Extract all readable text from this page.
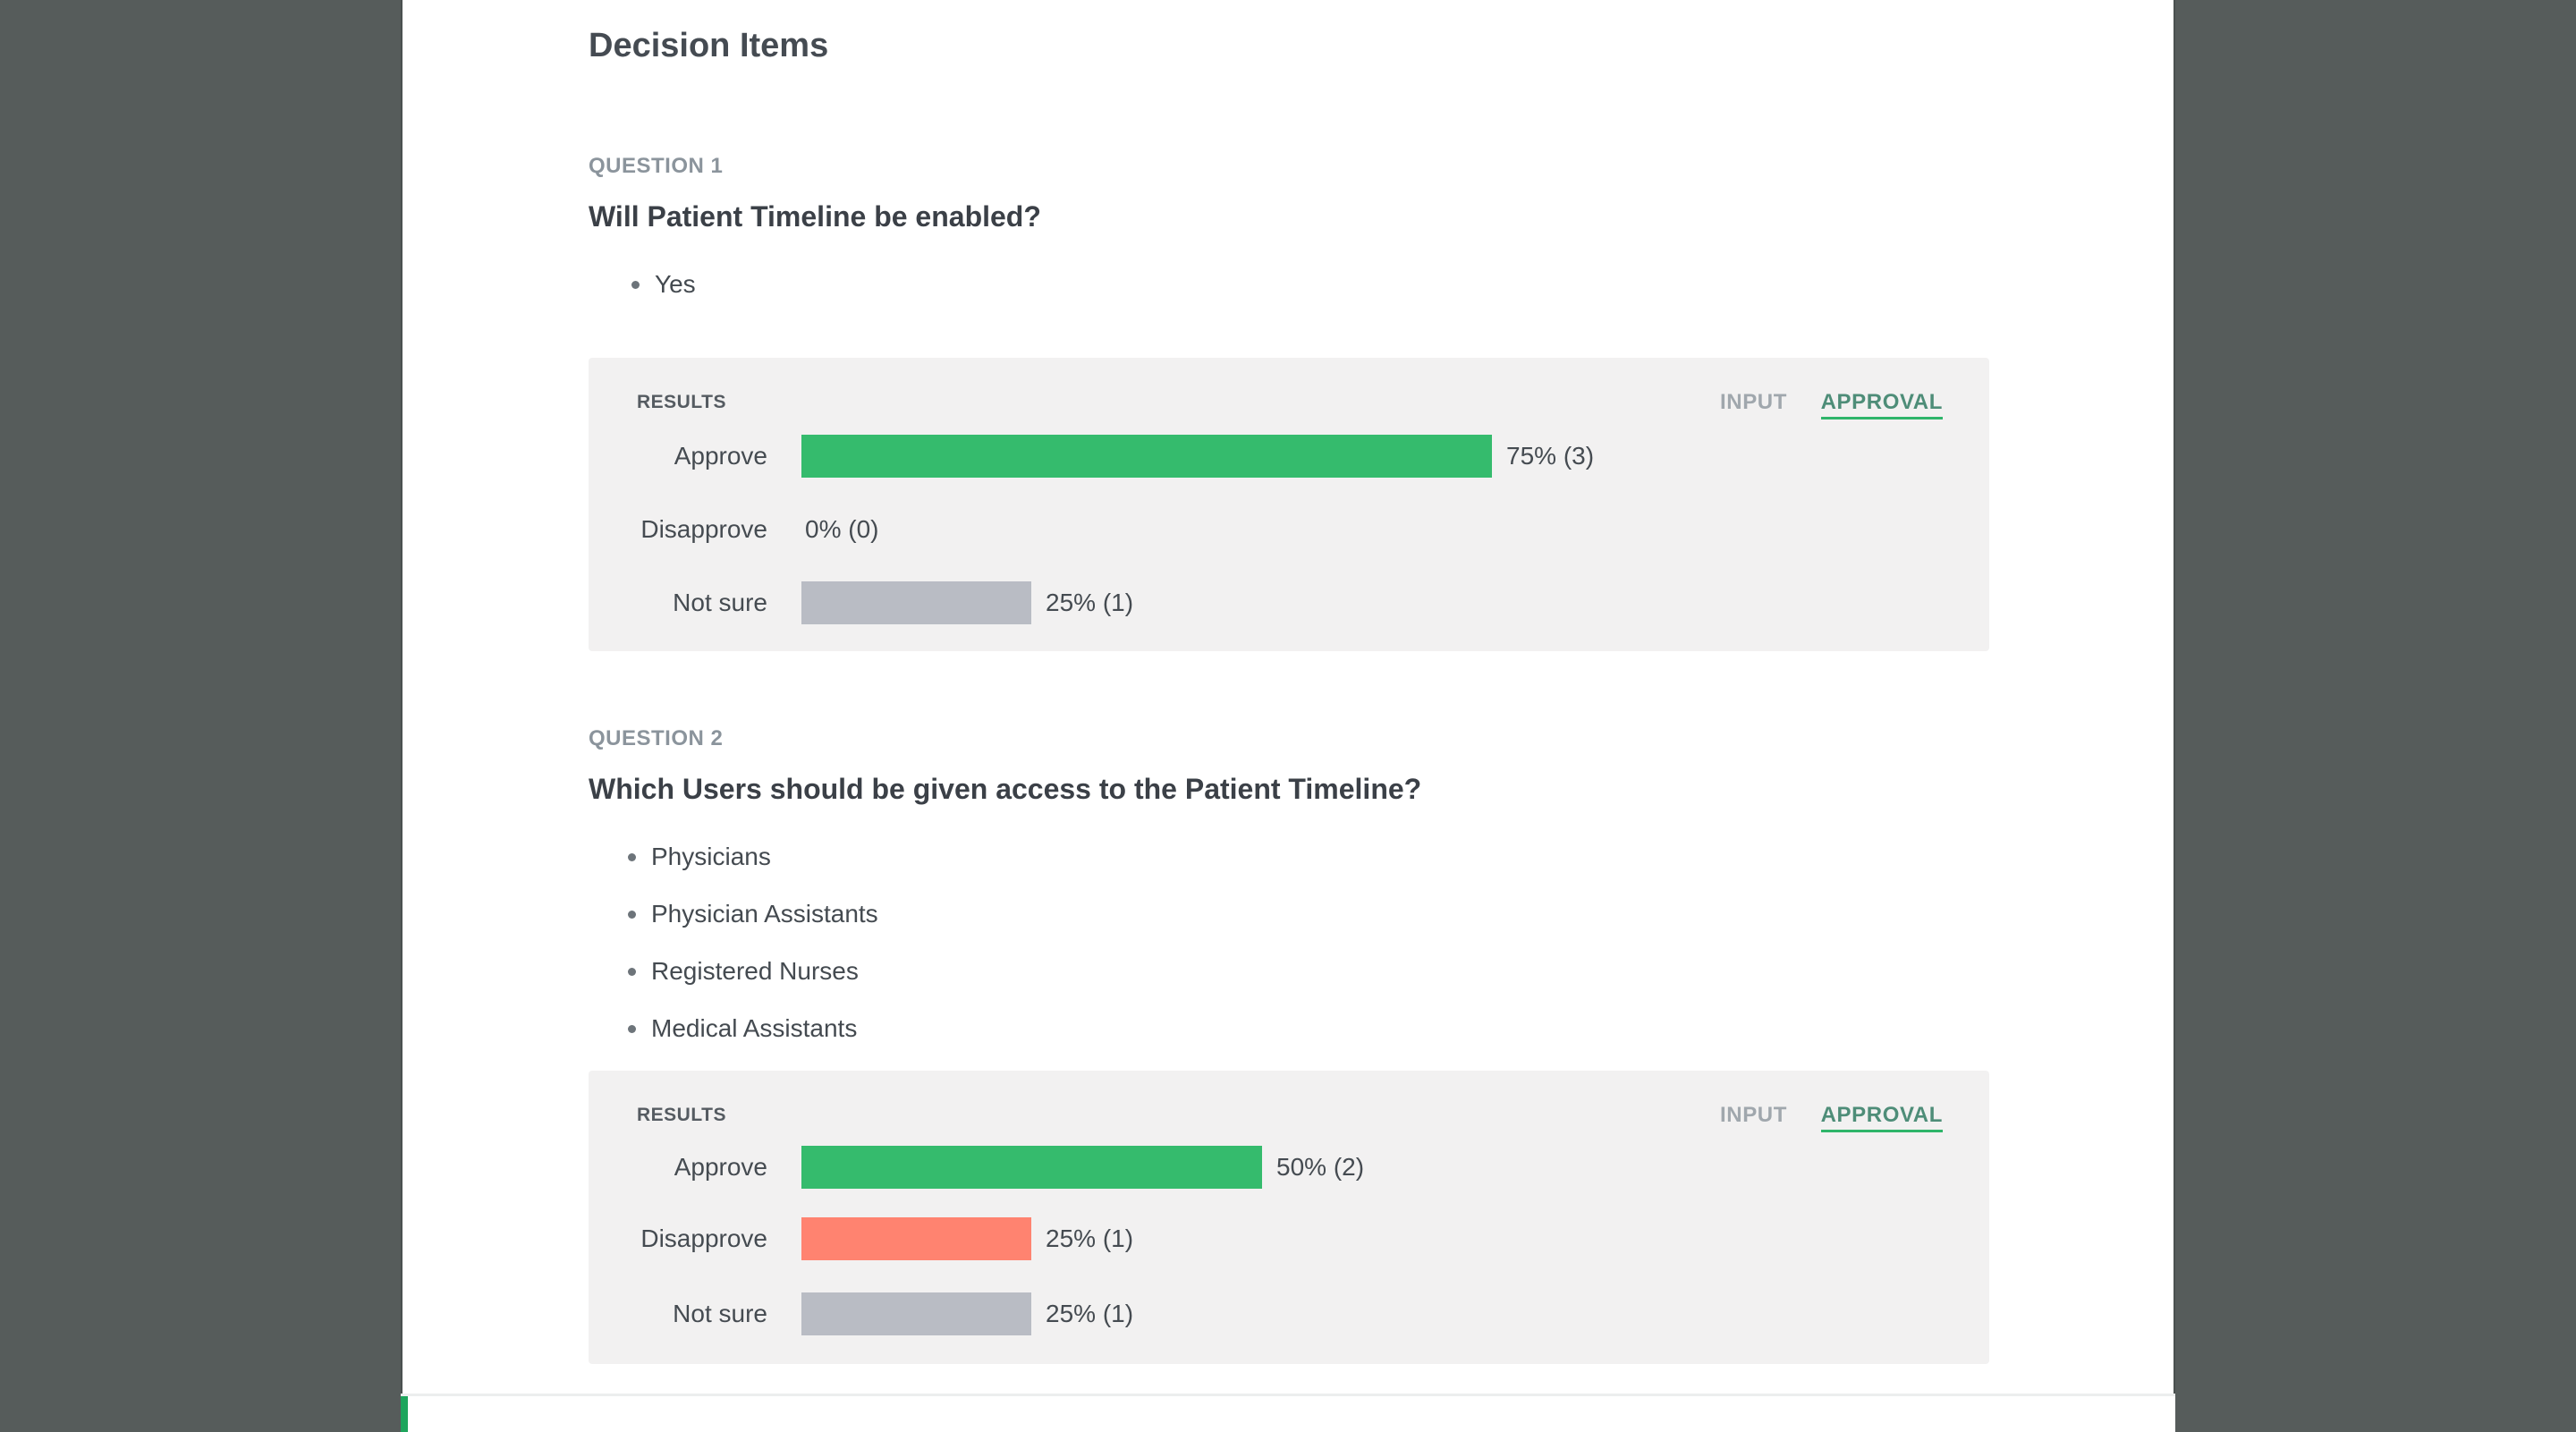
Decision Items
QUESTION 1
Will Patient Timeline be enabled?
Yes
RESULTS	INPUT APPROVAL
Approve	75% (3)
Disapprove 0% (0)
Not sure	25% (1)
QUESTION 2
Which Users should be given access to the Patient Timeline?
Physicians
Physician Assistants
Registered Nurses
Medical Assistants
RESULTS	INPUT APPROVAL
Approve	50% (2)
Disapprove	25% (1)
Not sure	25% (1)
